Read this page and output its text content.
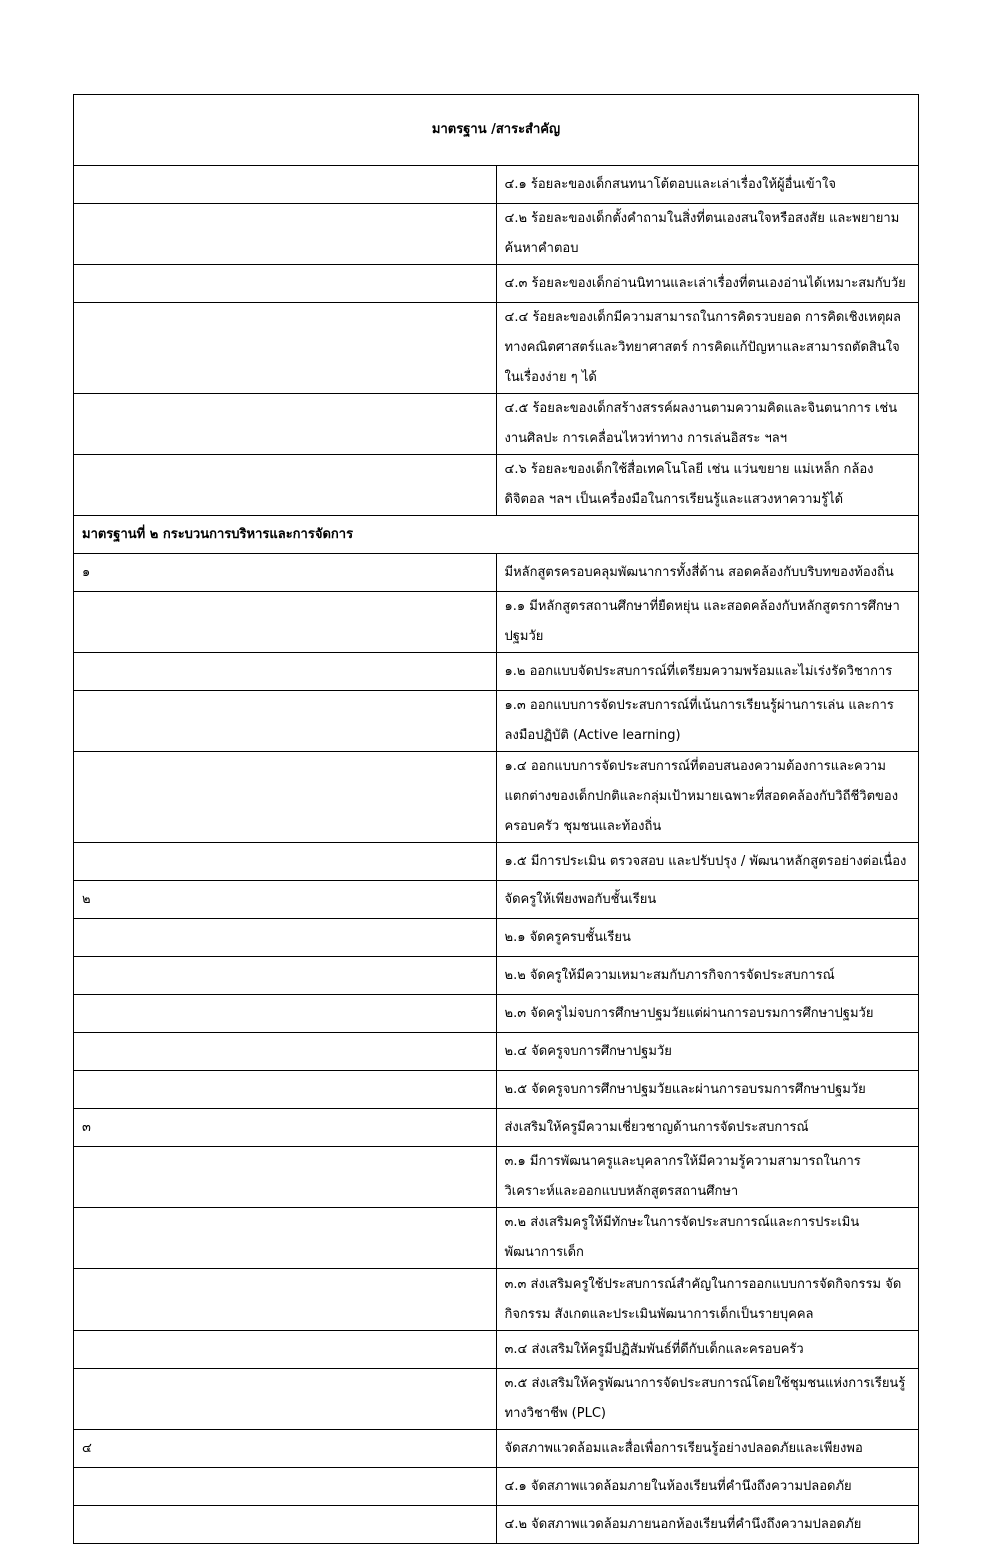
มาตรฐาน /สาระสำคัญ	
	๔.๑ ร้อยละของเด็กสนทนาโต้ตอบและเล่าเรื่องให้ผู้อื่นเข้าใจ
	๔.๒ ร้อยละของเด็กตั้งคำถามในสิ่งที่ตนเองสนใจหรือสงสัย และพยายามค้นหาคำตอบ
	๔.๓ ร้อยละของเด็กอ่านนิทานและเล่าเรื่องที่ตนเองอ่านได้เหมาะสมกับวัย
	๔.๔ ร้อยละของเด็กมีความสามารถในการคิดรวบยอด การคิดเชิงเหตุผลทางคณิตศาสตร์และวิทยาศาสตร์ การคิดแก้ปัญหาและสามารถตัดสินใจในเรื่องง่าย ๆ ได้
	๔.๕ ร้อยละของเด็กสร้างสรรค์ผลงานตามความคิดและจินตนาการ เช่น งานศิลปะ การเคลื่อนไหวท่าทาง การเล่นอิสระ ฯลฯ
	๔.๖ ร้อยละของเด็กใช้สื่อเทคโนโลยี เช่น แว่นขยาย แม่เหล็ก กล้องดิจิตอล ฯลฯ เป็นเครื่องมือในการเรียนรู้และแสวงหาความรู้ได้
มาตรฐานที่ ๒ กระบวนการบริหารและการจัดการ	
๑	มีหลักสูตรครอบคลุมพัฒนาการทั้งสี่ด้าน สอดคล้องกับบริบทของท้องถิ่น
	๑.๑ มีหลักสูตรสถานศึกษาที่ยืดหยุ่น และสอดคล้องกับหลักสูตรการศึกษาปฐมวัย
	๑.๒ ออกแบบจัดประสบการณ์ที่เตรียมความพร้อมและไม่เร่งรัดวิชาการ
	๑.๓ ออกแบบการจัดประสบการณ์ที่เน้นการเรียนรู้ผ่านการเล่น และการลงมือปฏิบัติ (Active learning)
	๑.๔ ออกแบบการจัดประสบการณ์ที่ตอบสนองความต้องการและความแตกต่างของเด็กปกติและกลุ่มเป้าหมายเฉพาะที่สอดคล้องกับวิถีชีวิตของครอบครัว ชุมชนและท้องถิ่น
	๑.๕ มีการประเมิน ตรวจสอบ และปรับปรุง / พัฒนาหลักสูตรอย่างต่อเนื่อง
๒	จัดครูให้เพียงพอกับชั้นเรียน
	๒.๑ จัดครูครบชั้นเรียน
	๒.๒ จัดครูให้มีความเหมาะสมกับภารกิจการจัดประสบการณ์
	๒.๓ จัดครูไม่จบการศึกษาปฐมวัยแต่ผ่านการอบรมการศึกษาปฐมวัย
	๒.๔ จัดครูจบการศึกษาปฐมวัย
	๒.๕ จัดครูจบการศึกษาปฐมวัยและผ่านการอบรมการศึกษาปฐมวัย
๓	ส่งเสริมให้ครูมีความเชี่ยวชาญด้านการจัดประสบการณ์
	๓.๑ มีการพัฒนาครูและบุคลากรให้มีความรู้ความสามารถในการวิเคราะห์และออกแบบหลักสูตรสถานศึกษา
	๓.๒ ส่งเสริมครูให้มีทักษะในการจัดประสบการณ์และการประเมินพัฒนาการเด็ก
	๓.๓ ส่งเสริมครูใช้ประสบการณ์สำคัญในการออกแบบการจัดกิจกรรม จัดกิจกรรม สังเกตและประเมินพัฒนาการเด็กเป็นรายบุคคล
	๓.๔ ส่งเสริมให้ครูมีปฏิสัมพันธ์ที่ดีกับเด็กและครอบครัว
	๓.๕ ส่งเสริมให้ครูพัฒนาการจัดประสบการณ์โดยใช้ชุมชนแห่งการเรียนรู้ทางวิชาชีพ (PLC)
๔	จัดสภาพแวดล้อมและสื่อเพื่อการเรียนรู้อย่างปลอดภัยและเพียงพอ
	๔.๑ จัดสภาพแวดล้อมภายในห้องเรียนที่คำนึงถึงความปลอดภัย
	๔.๒ จัดสภาพแวดล้อมภายนอกห้องเรียนที่คำนึงถึงความปลอดภัย
